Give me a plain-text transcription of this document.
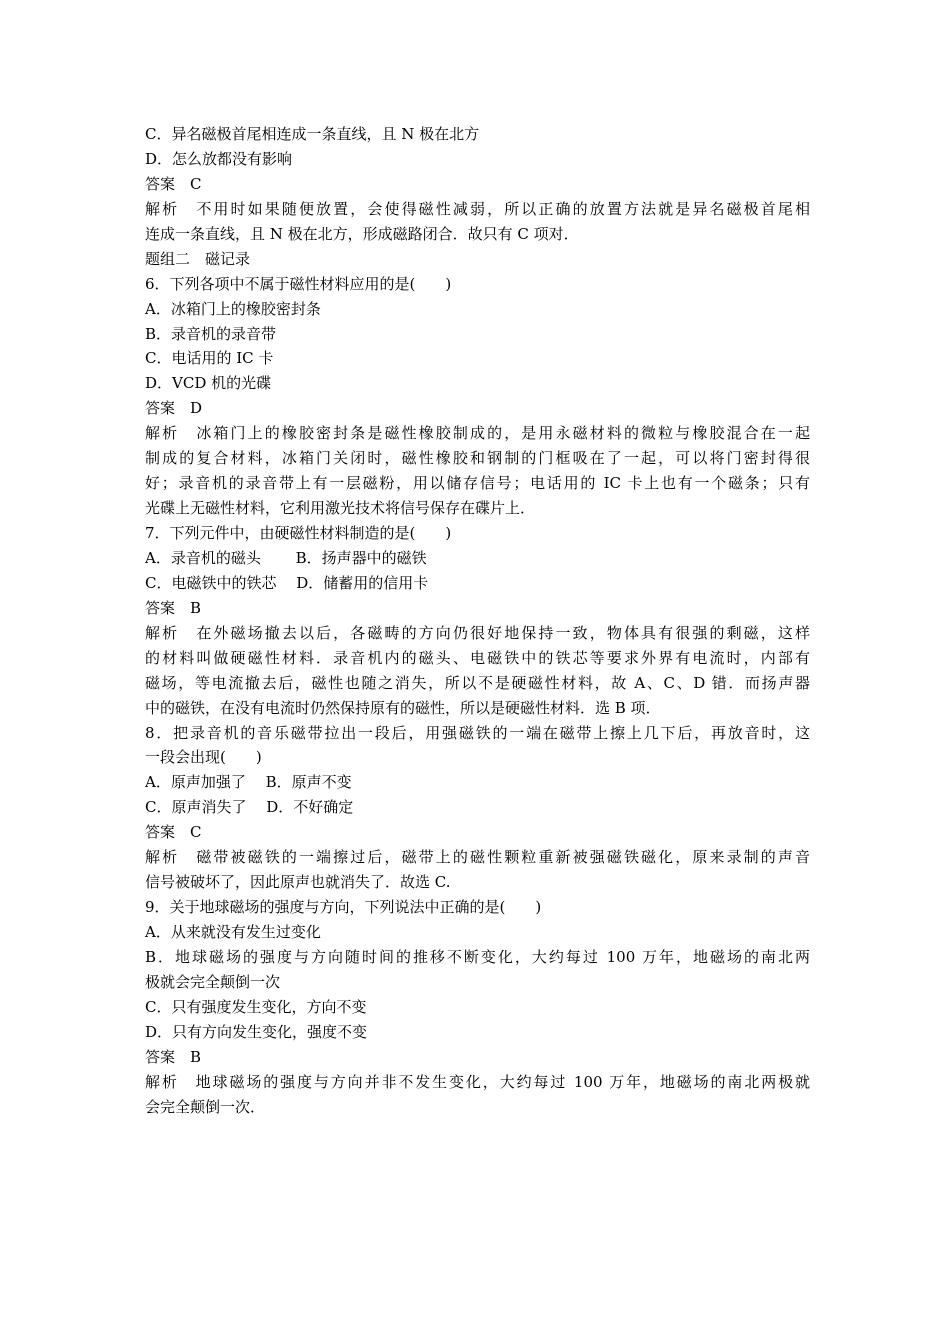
C．异名磁极首尾相连成一条直线，且 N 极在北方
D．怎么放都没有影响
答案　C
解析　不用时如果随便放置，会使得磁性减弱，所以正确的放置方法就是异名磁极首尾相
连成一条直线，且 N 极在北方，形成磁路闭合．故只有 C 项对．
题组二　磁记录
6．下列各项中不属于磁性材料应用的是(　　)
A．冰箱门上的橡胶密封条
B．录音机的录音带
C．电话用的 IC 卡
D．VCD 机的光碟
答案　D
解析　冰箱门上的橡胶密封条是磁性橡胶制成的，是用永磁材料的微粒与橡胶混合在一起
制成的复合材料，冰箱门关闭时，磁性橡胶和钢制的门框吸在了一起，可以将门密封得很
好；录音机的录音带上有一层磁粉，用以储存信号；电话用的 IC 卡上也有一个磁条；只有
光碟上无磁性材料，它利用激光技术将信号保存在碟片上．
7．下列元件中，由硬磁性材料制造的是(　　)
A．录音机的磁头　　 B．扬声器中的磁铁
C．电磁铁中的铁芯　 D．储蓄用的信用卡
答案　B
解析　在外磁场撤去以后，各磁畴的方向仍很好地保持一致，物体具有很强的剩磁，这样
的材料叫做硬磁性材料．录音机内的磁头、电磁铁中的铁芯等要求外界有电流时，内部有
磁场，等电流撤去后，磁性也随之消失，所以不是硬磁性材料，故 A、C、D 错．而扬声器
中的磁铁，在没有电流时仍然保持原有的磁性，所以是硬磁性材料．选 B 项．
8．把录音机的音乐磁带拉出一段后，用强磁铁的一端在磁带上擦上几下后，再放音时，这
一段会出现(　　)
A．原声加强了　 B．原声不变
C．原声消失了　 D．不好确定
答案　C
解析　磁带被磁铁的一端擦过后，磁带上的磁性颗粒重新被强磁铁磁化，原来录制的声音
信号被破坏了，因此原声也就消失了．故选 C.
9．关于地球磁场的强度与方向，下列说法中正确的是(　　)
A．从来就没有发生过变化
B．地球磁场的强度与方向随时间的推移不断变化，大约每过 100 万年，地磁场的南北两
极就会完全颠倒一次
C．只有强度发生变化，方向不变
D．只有方向发生变化，强度不变
答案　B
解析　地球磁场的强度与方向并非不发生变化，大约每过 100 万年，地磁场的南北两极就
会完全颠倒一次．
